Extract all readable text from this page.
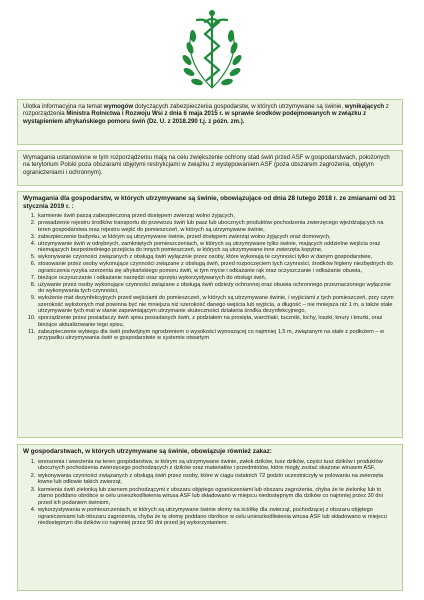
Ulotka informacyjna na temat wymogów dotyczących zabezpieczenia gospodarstw, w których utrzymywane są świnie, wynikających z rozporządzenia Ministra Rolnictwa i Rozwoju Wsi z dnia 6 maja 2015 r. w sprawie środków podejmowanych w związku z wystąpieniem afrykańskiego pomoru świń (Dz. U. z 2018.290 t.j. z późn. zm.).

Wymagania ustanowione w tym rozporządzeniu mają na celu zwiększenie ochrony stad świń przed ASF w gospodarstwach, położonych na terytorium Polski poza obszarami objętymi restrykcjami w związku z występowaniem ASF (poza obszarem zagrożenia, objętym ograniczeniami i ochronnym).

Wymagania dla gospodarstw, w których utrzymywane są świnie, obowiązujące od dnia 28 lutego 2018 r. ze zmianami od 31 stycznia 2019 r. :

1. karmienie świń paszą zabezpieczoną przed dostępem zwierząt wolno żyjących,
2. prowadzenie rejestru środków transportu do przewozu świń lub pasz lub ubocznych produktów pochodzenia zwierzęcego wjeżdżających na teren gospodarstwa oraz rejestru wejść do pomieszczeń, w których są utrzymywane świnie,
3. zabezpieczenie budynku, w którym są utrzymywane świnie, przed dostępem zwierząt wolno żyjących oraz domowych,
4. utrzymywanie świń w odrębnych, zamkniętych pomieszczeniach, w których są utrzymywane tylko świnie, mających oddzielne wejścia oraz niemających bezpośredniego przejścia do innych pomieszczeń, w których są utrzymywane inne zwierzęta kopytne,
5. wykonywanie czynności związanych z obsługą świń wyłącznie przez osoby, które wykonują te czynności tylko w danym gospodarstwie,
6. stosowanie przez osoby wykonujące czynności związane z obsługą świń, przed rozpoczęciem tych czynności, środków higieny niezbędnych do ograniczenia ryzyka szerzenia się afrykańskiego pomoru świń, w tym mycie i odkażanie rąk oraz oczyszczanie i odkażanie obuwia,
7. bieżące oczyszczanie i odkażanie narzędzi oraz sprzętu wykorzystywanych do obsługi świń,
8. używanie przez osoby wykonujące czynności związane z obsługą świń odzieży ochronnej oraz obuwia ochronnego przeznaczonego wyłącznie do wykonywania tych czynności,
9. wyłożenie mat dezynfekcyjnych przed wejściami do pomieszczeń, w których są utrzymywane świnie, i wyjściami z tych pomieszczeń, przy czym szerokość wyłożonych mat powinna być nie mniejsza niż szerokość danego wejścia lub wyjścia, a długość – nie mniejsza niż 1 m, a także stałe utrzymywanie tych mat w stanie zapewniającym utrzymanie skuteczności działania środka dezynfekcyjnego,
10. sporządzenie przez posiadaczy świń spisu posiadanych świń, z podziałem na prosięta, warchlaki, tuczniki, lochy, loszki, knury i knurki, oraz bieżące aktualizowanie tego spisu,
11. zabezpieczenie wybiegu dla świń podwójnym ogrodzeniem o wysokości wynoszącej co najmniej 1,5 m, związanym na stałe z podłożem – w przypadku utrzymywania świń w gospodarstwie w systemie otwartym

W gospodarstwach, w których utrzymywane są świnie, obowiązuje również zakaz:

1. wnoszenia i wwożenia na teren gospodarstwa, w którym są utrzymywane świnie, zwłok dzików, tusz dzików, części tusz dzików i produktów ubocznych pochodzenia zwierzęcego pochodzących z dzików oraz materiałów i przedmiotów, które mogły zostać skażone wirusem ASF,
2. wykonywania czynności związanych z obsługą świń przez osoby, które w ciągu ostatnich 72 godzin uczestniczyły w polowaniu na zwierzęta łowne lub odłowie takich zwierząt,
3. karmienia świń zielonką lub ziarnem pochodzącymi z obszaru objętego ograniczeniami lub obszaru zagrożenia, chyba że te zielonkę lub to ziarno poddano obróbce w celu unieszkodliwienia wirusa ASF lub składowano w miejscu niedostępnym dla dzików co najmniej przez 30 dni przed ich podaniem świniom,
4. wykorzystywania w pomieszczeniach, w których są utrzymywane świnie słomy na ściółkę dla zwierząt, pochodzącej z obszaru objętego ograniczeniami lub obszaru zagrożenia, chyba że tę słomę poddano obróbce w celu unieszkodliwienia wirusa ASF lub składowano w miejscu niedostępnym dla dzików co najmniej przez 90 dni przed jej wykorzystaniem.
